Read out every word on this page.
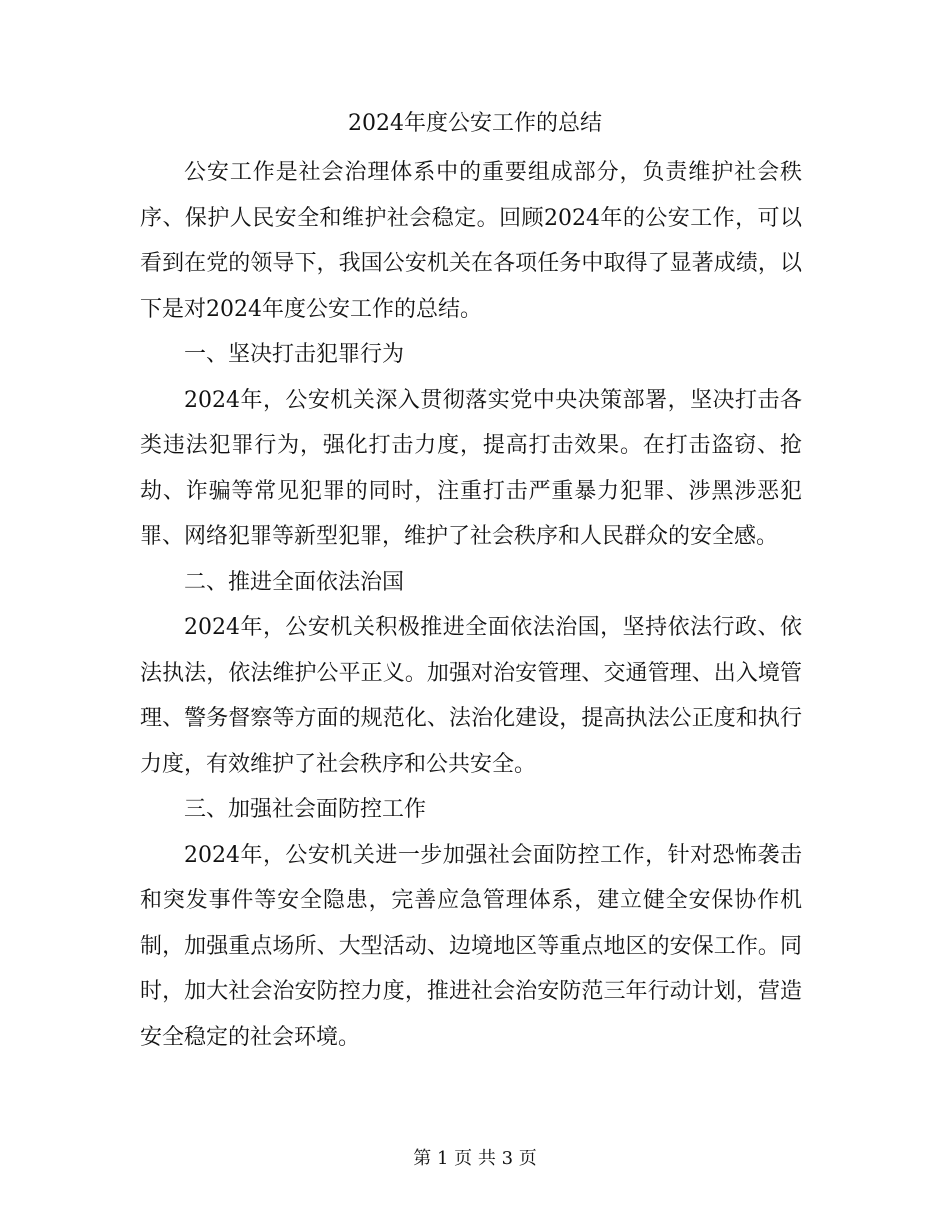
2024年度公安工作的总结

公安工作是社会治理体系中的重要组成部分，负责维护社会秩序、保护人民安全和维护社会稳定。回顾2024年的公安工作，可以看到在党的领导下，我国公安机关在各项任务中取得了显著成绩，以下是对2024年度公安工作的总结。

一、坚决打击犯罪行为

2024年，公安机关深入贯彻落实党中央决策部署，坚决打击各类违法犯罪行为，强化打击力度，提高打击效果。在打击盗窃、抢劫、诈骗等常见犯罪的同时，注重打击严重暴力犯罪、涉黑涉恶犯罪、网络犯罪等新型犯罪，维护了社会秩序和人民群众的安全感。

二、推进全面依法治国

2024年，公安机关积极推进全面依法治国，坚持依法行政、依法执法，依法维护公平正义。加强对治安管理、交通管理、出入境管理、警务督察等方面的规范化、法治化建设，提高执法公正度和执行力度，有效维护了社会秩序和公共安全。

三、加强社会面防控工作

2024年，公安机关进一步加强社会面防控工作，针对恐怖袭击和突发事件等安全隐患，完善应急管理体系，建立健全安保协作机制，加强重点场所、大型活动、边境地区等重点地区的安保工作。同时，加大社会治安防控力度，推进社会治安防范三年行动计划，营造安全稳定的社会环境。

第 1 页 共 3 页
